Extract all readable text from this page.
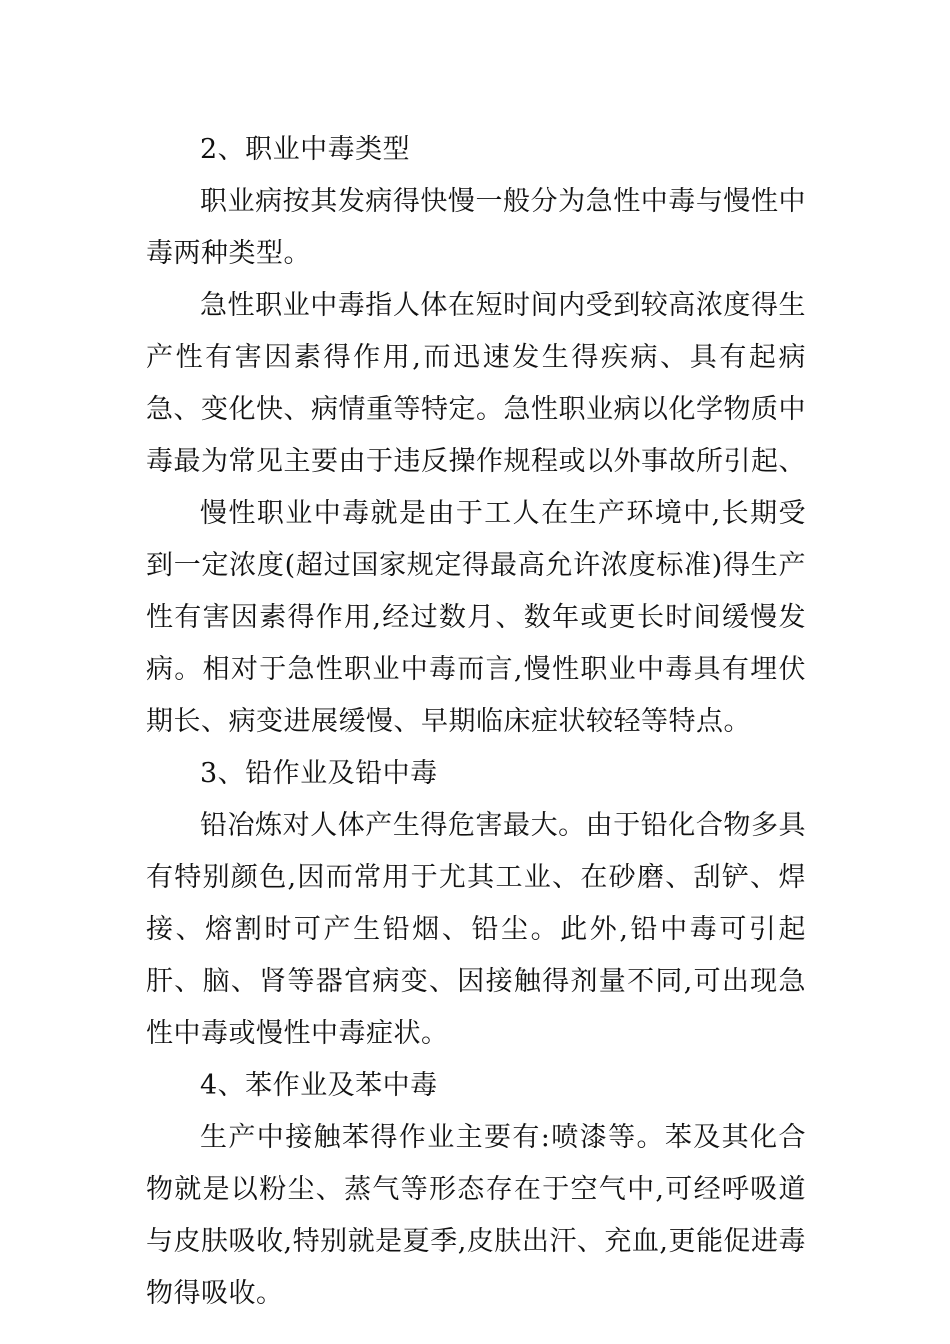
2、职业中毒类型

职业病按其发病得快慢一般分为急性中毒与慢性中毒两种类型。

急性职业中毒指人体在短时间内受到较高浓度得生产性有害因素得作用,而迅速发生得疾病、具有起病急、变化快、病情重等特定。急性职业病以化学物质中毒最为常见主要由于违反操作规程或以外事故所引起、

慢性职业中毒就是由于工人在生产环境中,长期受到一定浓度(超过国家规定得最高允许浓度标准)得生产性有害因素得作用,经过数月、数年或更长时间缓慢发病。相对于急性职业中毒而言,慢性职业中毒具有埋伏期长、病变进展缓慢、早期临床症状较轻等特点。

3、铅作业及铅中毒

铅冶炼对人体产生得危害最大。由于铅化合物多具有特别颜色,因而常用于尤其工业、在砂磨、刮铲、焊接、熔割时可产生铅烟、铅尘。此外,铅中毒可引起肝、脑、肾等器官病变、因接触得剂量不同,可出现急性中毒或慢性中毒症状。

4、苯作业及苯中毒

生产中接触苯得作业主要有:喷漆等。苯及其化合物就是以粉尘、蒸气等形态存在于空气中,可经呼吸道与皮肤吸收,特别就是夏季,皮肤出汗、充血,更能促进毒物得吸收。
